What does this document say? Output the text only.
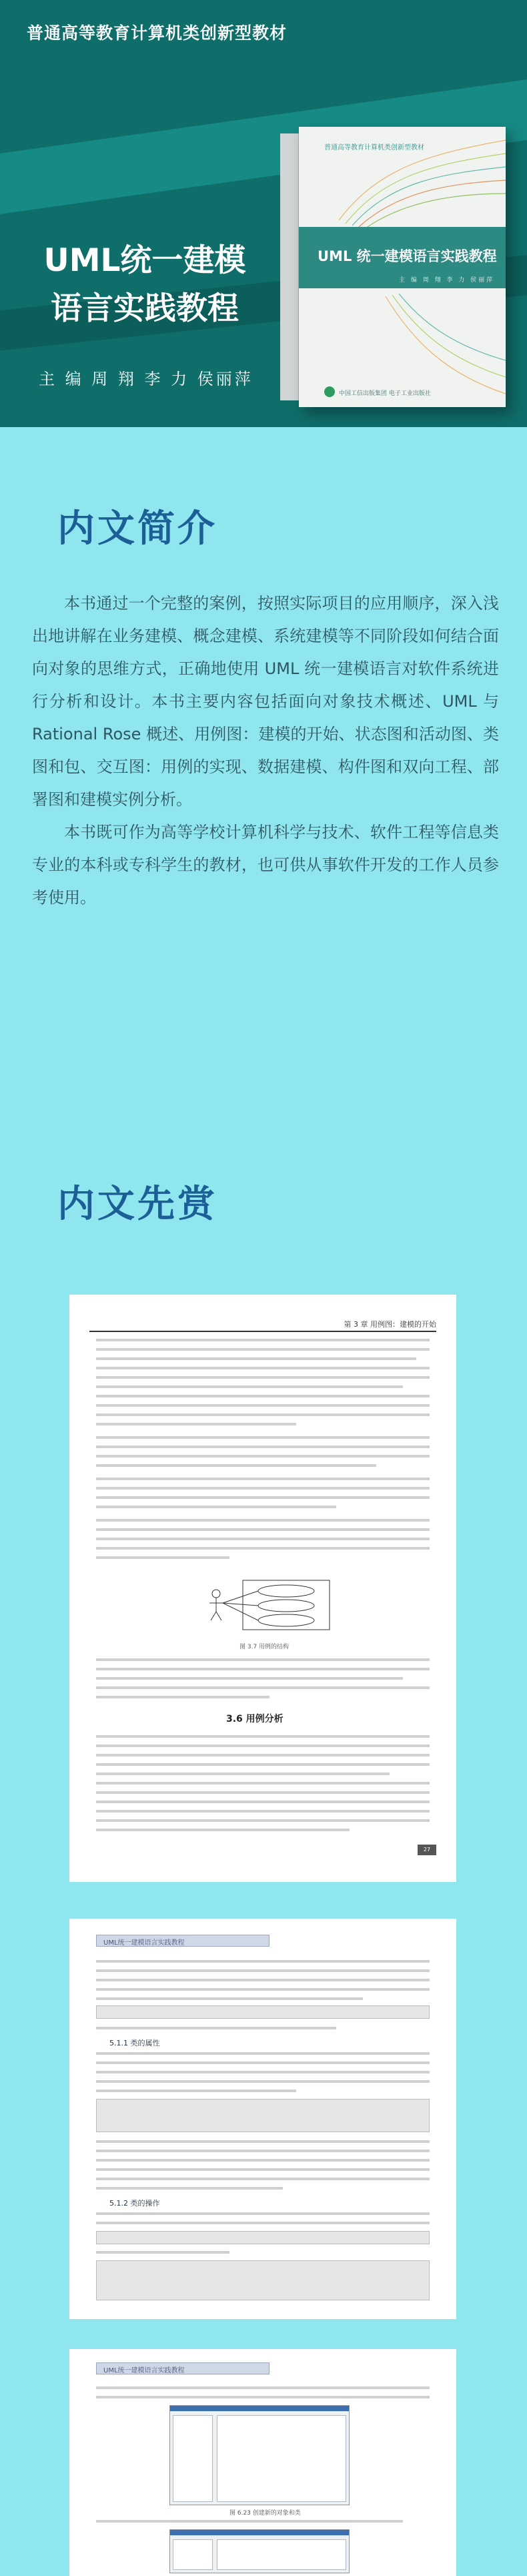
普通高等教育计算机类创新型教材
UML统一建模
语言实践教程
主 编 周 翔 李 力 侯丽萍
普通高等教育计算机类创新型教材
UML 统一建模语言实践教程
主 编 周 翔 李 力 侯丽萍
中国工信出版集团 电子工业出版社
内文简介

本书通过一个完整的案例，按照实际项目的应用顺序，深入浅出地讲解在业务建模、概念建模、系统建模等不同阶段如何结合面向对象的思维方式，正确地使用 UML 统一建模语言对软件系统进行分析和设计。本书主要内容包括面向对象技术概述、UML 与 Rational Rose 概述、用例图：建模的开始、状态图和活动图、类图和包、交互图：用例的实现、数据建模、构件图和双向工程、部署图和建模实例分析。

本书既可作为高等学校计算机科学与技术、软件工程等信息类专业的本科或专科学生的教材，也可供从事软件开发的工作人员参考使用。

内文先赏
第 3 章 用例图：建模的开始
图 3.7 用例的结构
3.6 用例分析
27
UML统一建模语言实践教程
5.1.1 类的属性
5.1.2 类的操作
UML统一建模语言实践教程
图 6.23 创建新的对象和类
